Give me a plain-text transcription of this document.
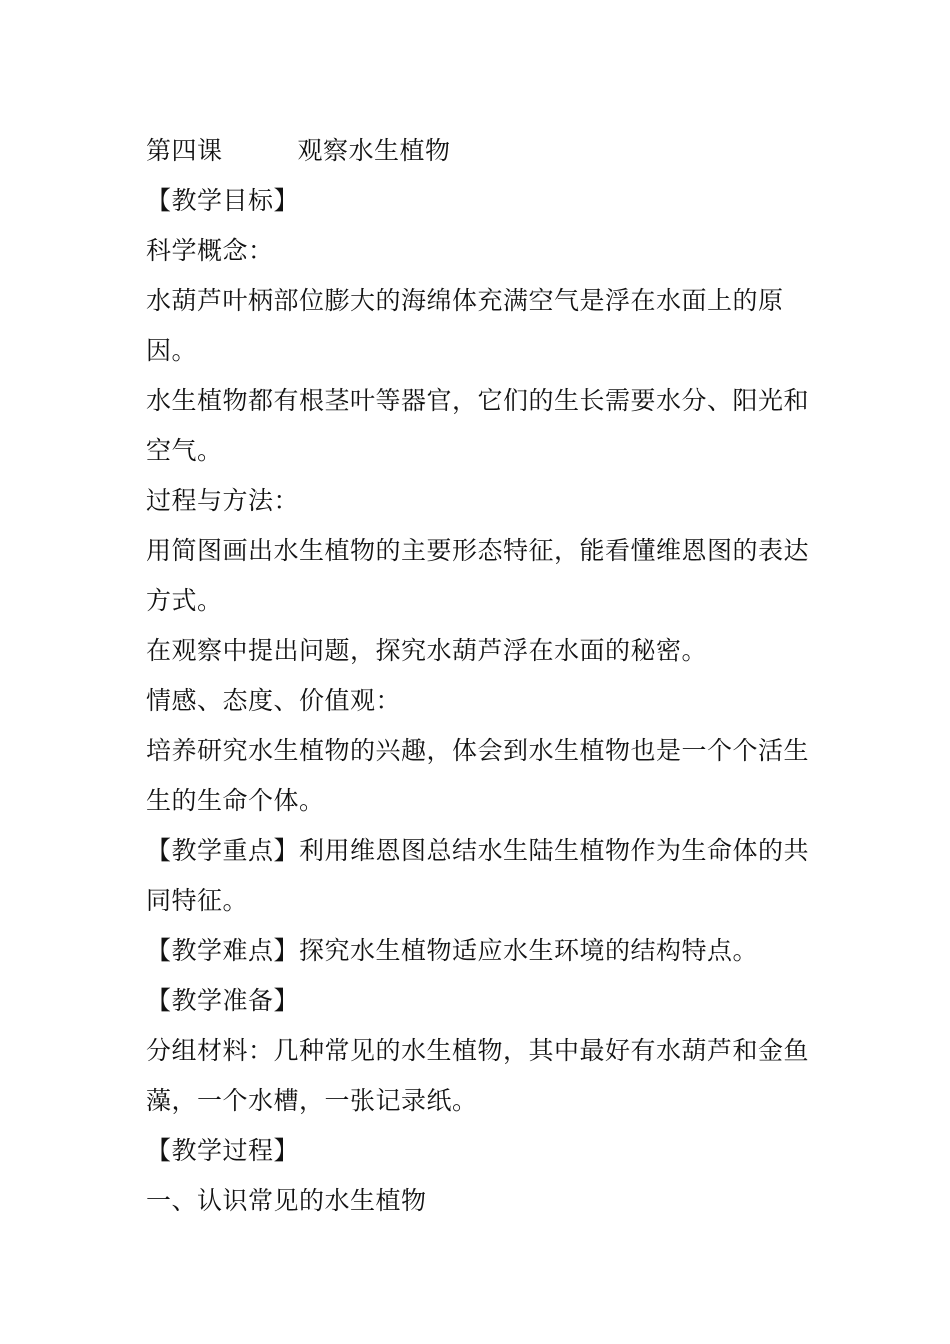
第四课	观察水生植物

【教学目标】

科学概念：

水葫芦叶柄部位膨大的海绵体充满空气是浮在水面上的原因。

水生植物都有根茎叶等器官，它们的生长需要水分、阳光和空气。

过程与方法：

用简图画出水生植物的主要形态特征，能看懂维恩图的表达方式。

在观察中提出问题，探究水葫芦浮在水面的秘密。

情感、态度、价值观：

培养研究水生植物的兴趣，体会到水生植物也是一个个活生生的生命个体。

【教学重点】利用维恩图总结水生陆生植物作为生命体的共同特征。

【教学难点】探究水生植物适应水生环境的结构特点。

【教学准备】

分组材料：几种常见的水生植物，其中最好有水葫芦和金鱼藻，一个水槽，一张记录纸。

【教学过程】

一、认识常见的水生植物
